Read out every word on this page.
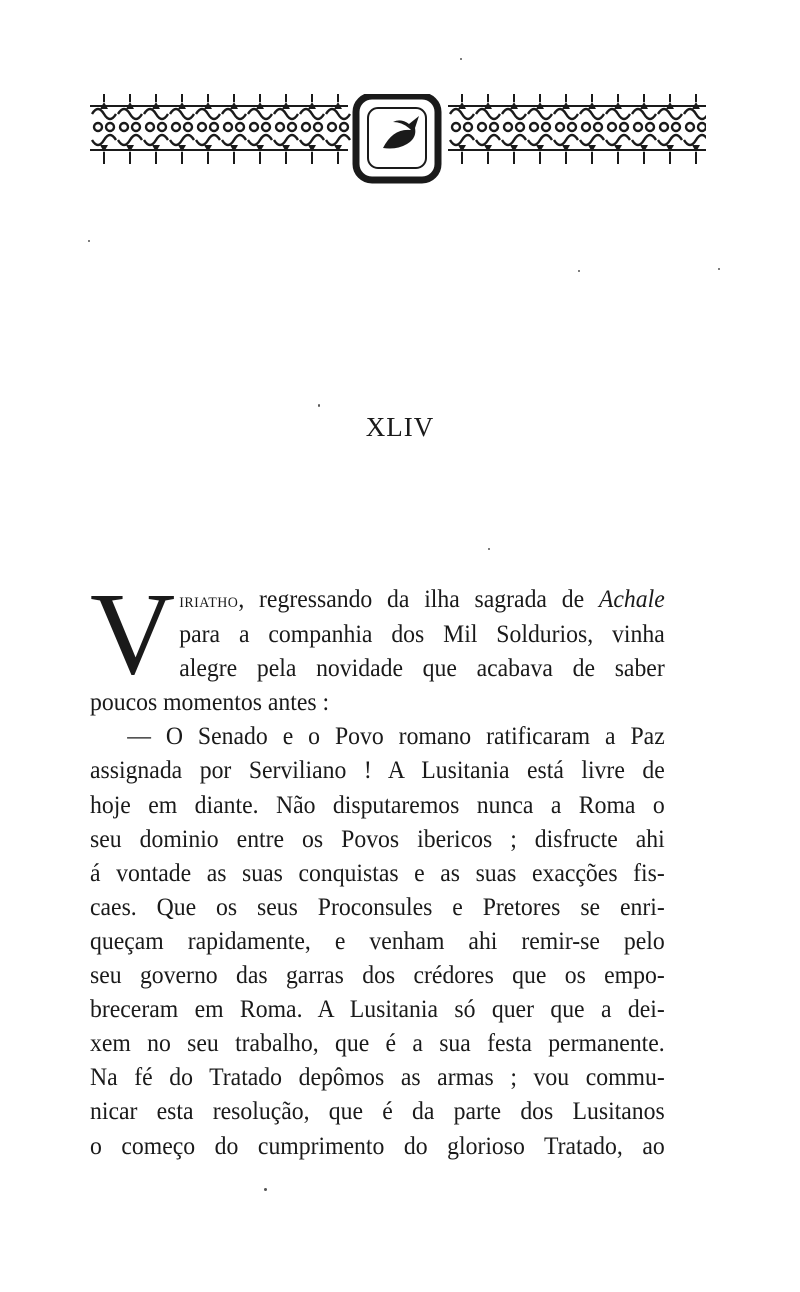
XLIV
V iriatho, regressando da ilha sagrada de Achale
para a companhia dos Mil Soldurios, vinha
alegre pela novidade que acabava de saber
poucos momentos antes :
— O Senado e o Povo romano ratificaram a Paz
assignada por Serviliano ! A Lusitania está livre de
hoje em diante. Não disputaremos nunca a Roma o
seu dominio entre os Povos ibericos ; disfructe ahi
á vontade as suas conquistas e as suas exacções fis-
caes. Que os seus Proconsules e Pretores se enri-
queçam rapidamente, e venham ahi remir-se pelo
seu governo das garras dos crédores que os empo-
breceram em Roma. A Lusitania só quer que a dei-
xem no seu trabalho, que é a sua festa permanente.
Na fé do Tratado depômos as armas ; vou commu-
nicar esta resolução, que é da parte dos Lusitanos
o começo do cumprimento do glorioso Tratado, ao
